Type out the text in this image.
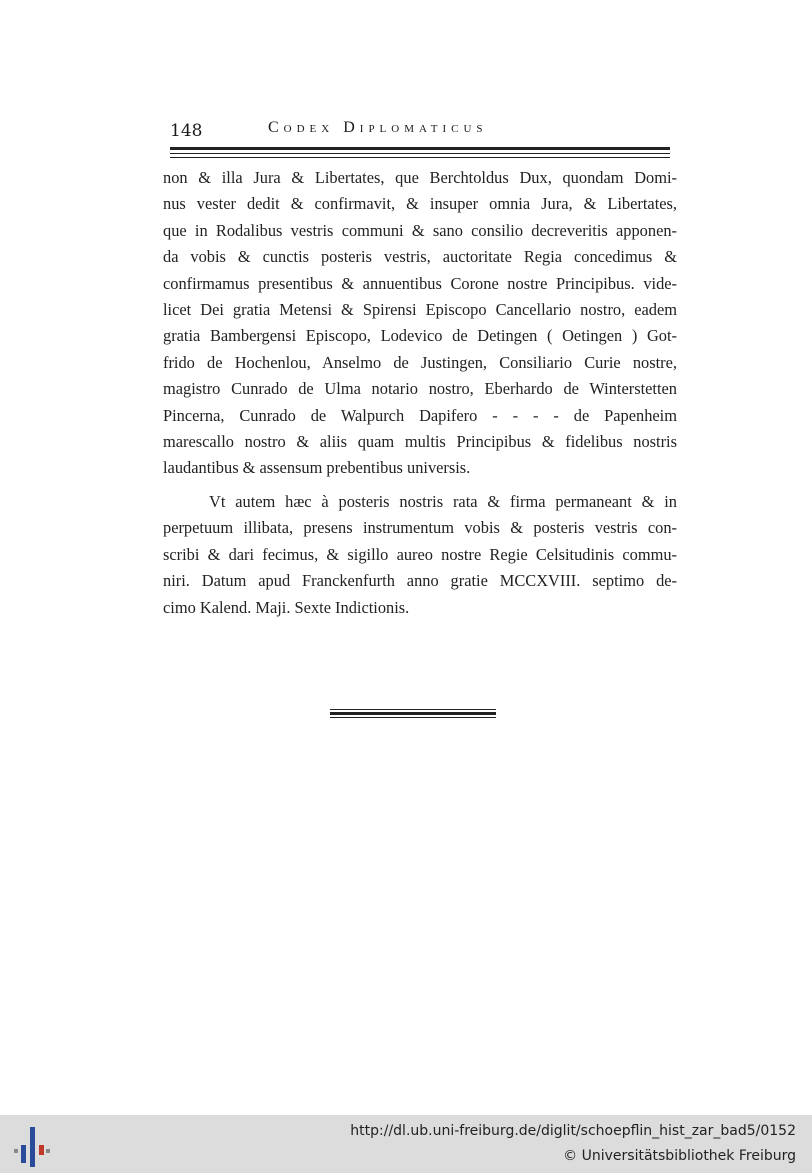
148	Codex Diplomaticus
non & illa Jura & Libertates, que Berchtoldus Dux, quondam Domi-
nus vester dedit & confirmavit, & insuper omnia Jura, & Libertates,
que in Rodalibus vestris communi & sano consilio decreveritis apponen-
da vobis & cunctis posteris vestris, auctoritate Regia concedimus &
confirmamus presentibus & annuentibus Corone nostre Principibus. vide-
licet Dei gratia Metensi & Spirensi Episcopo Cancellario nostro, eadem
gratia Bambergensi Episcopo, Lodevico de Detingen ( Oetingen ) Got-
frido de Hochenlou, Anselmo de Justingen, Consiliario Curie nostre,
magistro Cunrado de Ulma notario nostro, Eberhardo de Winterstetten
Pincerna, Cunrado de Walpurch Dapifero - - - - de Papenheim
marescallo nostro & aliis quam multis Principibus & fidelibus nostris
laudantibus & assensum prebentibus universis.
Vt autem hæc à posteris nostris rata & firma permaneant & in
perpetuum illibata, presens instrumentum vobis & posteris vestris con-
scribi & dari fecimus, & sigillo aureo nostre Regie Celsitudinis commu-
niri. Datum apud Franckenfurth anno gratie MCCXVIII. septimo de-
cimo Kalend. Maji. Sexte Indictionis.
http://dl.ub.uni-freiburg.de/diglit/schoepflin_hist_zar_bad5/0152
© Universitätsbibliothek Freiburg
